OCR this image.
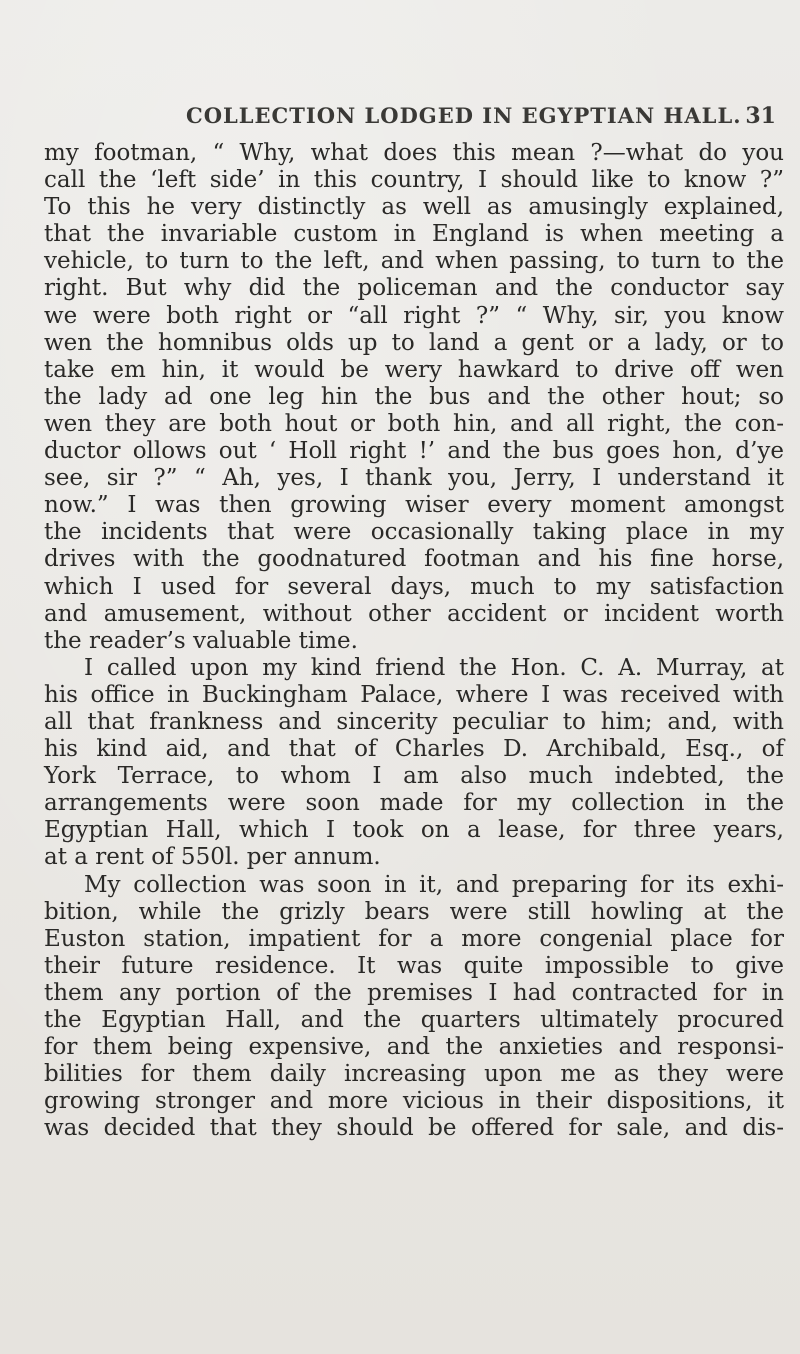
COLLECTION LODGED IN EGYPTIAN HALL. 31
my footman, “ Why, what does this mean ?—what do you
call the ‘left side’ in this country, I should like to know ?”
To this he very distinctly as well as amusingly explained,
that the invariable custom in England is when meeting a
vehicle, to turn to the left, and when passing, to turn to the
right. But why did the policeman and the conductor say
we were both right or “all right ?” “ Why, sir, you know
wen the homnibus olds up to land a gent or a lady, or to
take em hin, it would be wery hawkard to drive off wen
the lady ad one leg hin the bus and the other hout; so
wen they are both hout or both hin, and all right, the con-
ductor ollows out ‘ Holl right !’ and the bus goes hon, d’ye
see, sir ?” “ Ah, yes, I thank you, Jerry, I understand it
now.” I was then growing wiser every moment amongst
the incidents that were occasionally taking place in my
drives with the goodnatured footman and his fine horse,
which I used for several days, much to my satisfaction
and amusement, without other accident or incident worth
the reader’s valuable time.
I called upon my kind friend the Hon. C. A. Murray, at
his office in Buckingham Palace, where I was received with
all that frankness and sincerity peculiar to him; and, with
his kind aid, and that of Charles D. Archibald, Esq., of
York Terrace, to whom I am also much indebted, the
arrangements were soon made for my collection in the
Egyptian Hall, which I took on a lease, for three years,
at a rent of 550l. per annum.
My collection was soon in it, and preparing for its exhi-
bition, while the grizly bears were still howling at the
Euston station, impatient for a more congenial place for
their future residence. It was quite impossible to give
them any portion of the premises I had contracted for in
the Egyptian Hall, and the quarters ultimately procured
for them being expensive, and the anxieties and responsi-
bilities for them daily increasing upon me as they were
growing stronger and more vicious in their dispositions, it
was decided that they should be offered for sale, and dis-
